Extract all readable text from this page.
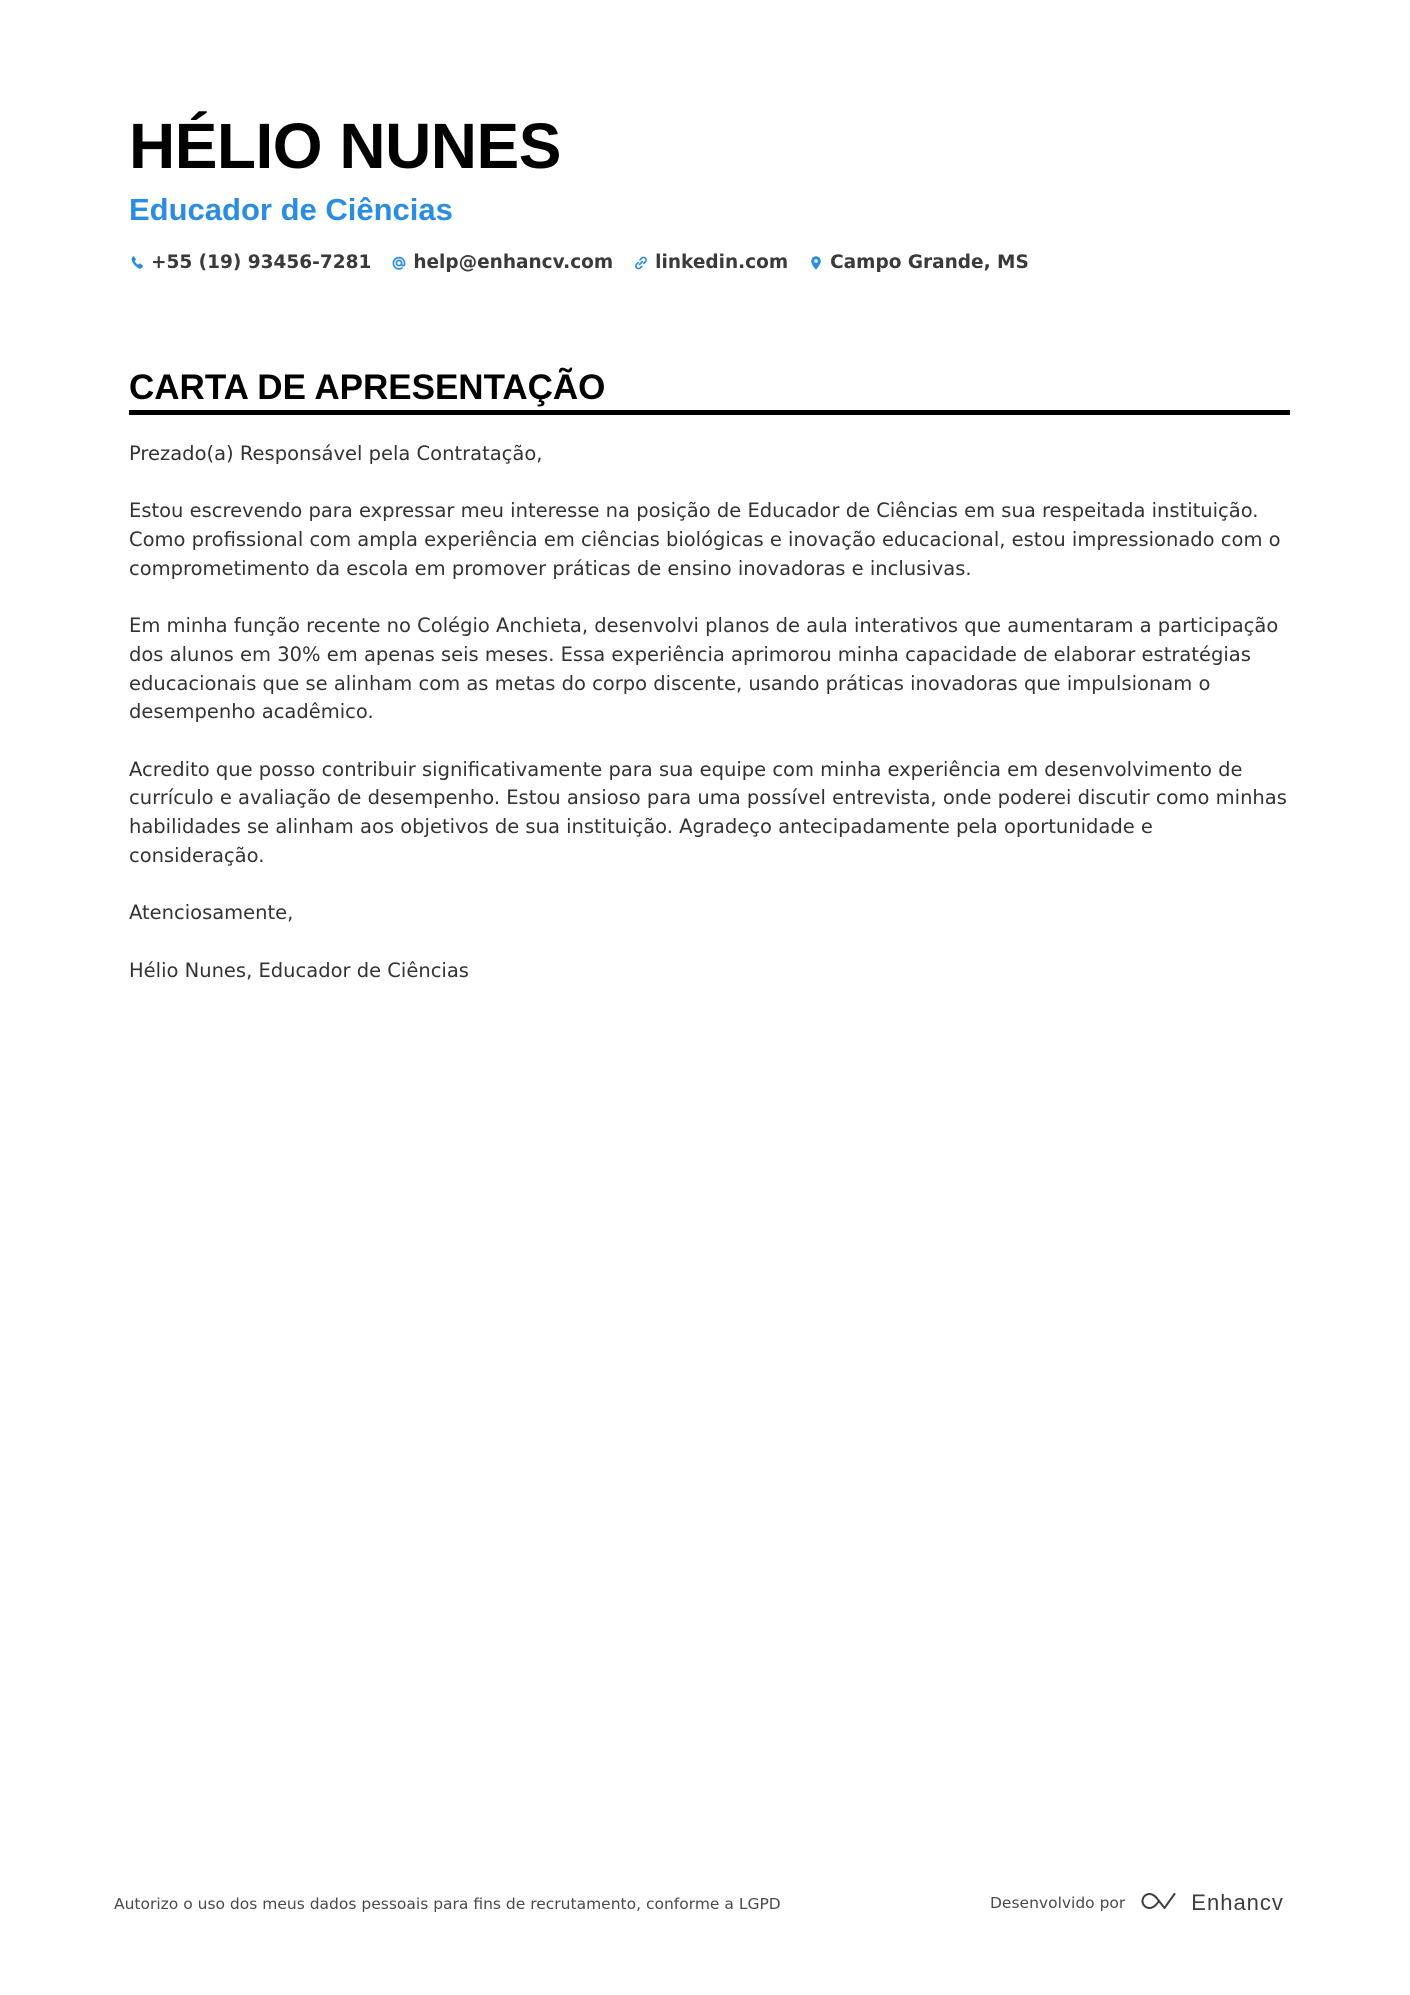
HÉLIO NUNES
Educador de Ciências
+55 (19) 93456-7281 help@enhancv.com linkedin.com Campo Grande, MS
CARTA DE APRESENTAÇÃO

Prezado(a) Responsável pela Contratação,

Estou escrevendo para expressar meu interesse na posição de Educador de Ciências em sua respeitada instituição. Como profissional com ampla experiência em ciências biológicas e inovação educacional, estou impressionado com o comprometimento da escola em promover práticas de ensino inovadoras e inclusivas.

Em minha função recente no Colégio Anchieta, desenvolvi planos de aula interativos que aumentaram a participação dos alunos em 30% em apenas seis meses. Essa experiência aprimorou minha capacidade de elaborar estratégias educacionais que se alinham com as metas do corpo discente, usando práticas inovadoras que impulsionam o desempenho acadêmico.

Acredito que posso contribuir significativamente para sua equipe com minha experiência em desenvolvimento de currículo e avaliação de desempenho. Estou ansioso para uma possível entrevista, onde poderei discutir como minhas habilidades se alinham aos objetivos de sua instituição. Agradeço antecipadamente pela oportunidade e consideração.

Atenciosamente,

Hélio Nunes, Educador de Ciências

Autorizo o uso dos meus dados pessoais para fins de recrutamento, conforme a LGPD	Desenvolvido por	Enhancv
